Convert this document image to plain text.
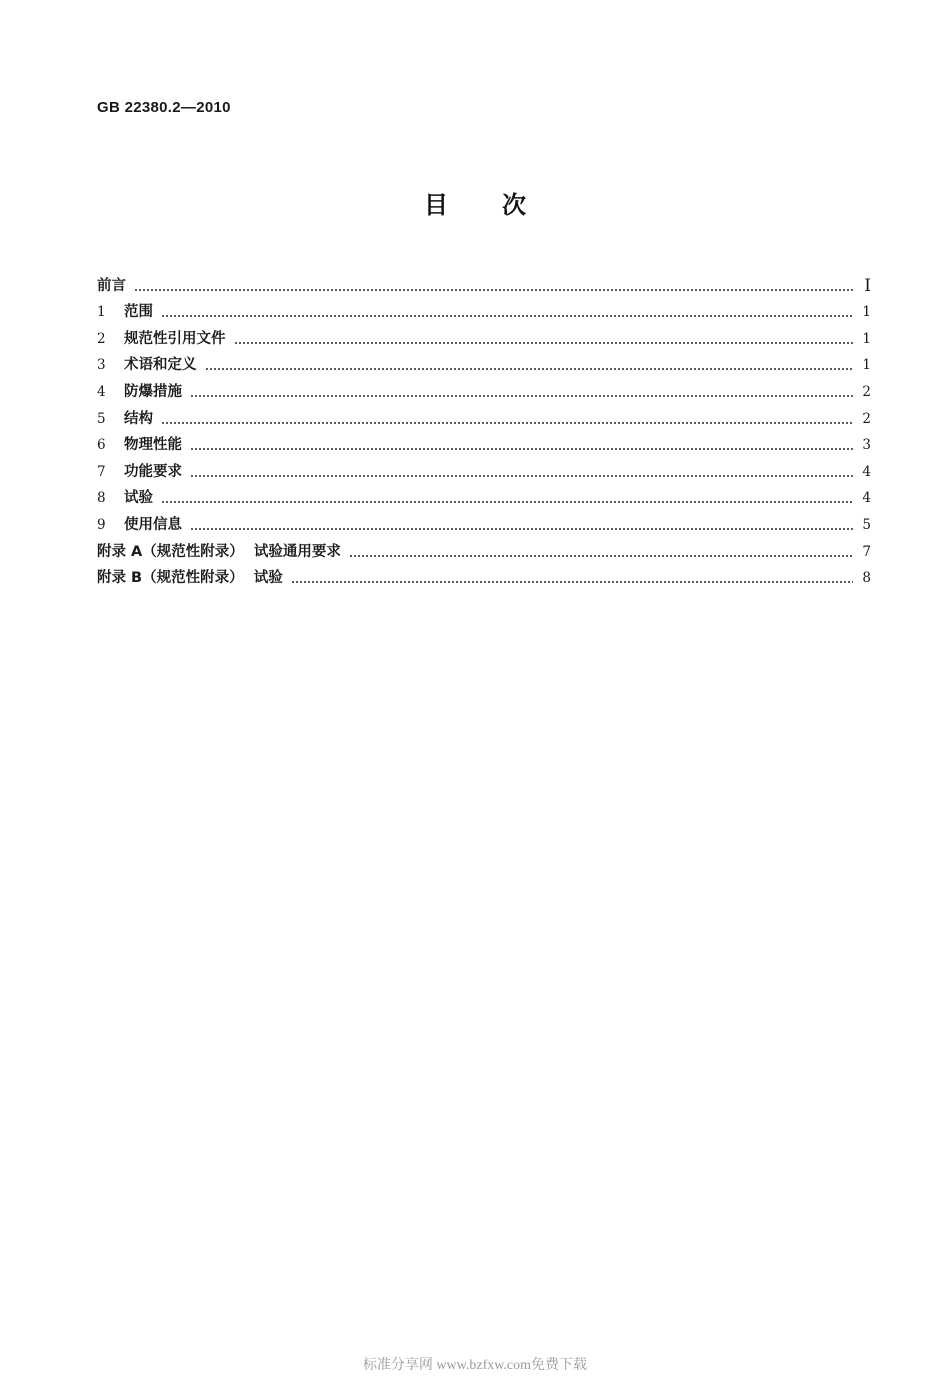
GB 22380.2—2010
目 次
前言	Ⅰ
1	范围	1
2	规范性引用文件	1
3	术语和定义	1
4	防爆措施	2
5	结构	2
6	物理性能	3
7	功能要求	4
8	试验	4
9	使用信息	5
附录 A（规范性附录）  试验通用要求	7
附录 B（规范性附录）  试验	8
标准分享网 www.bzfxw.com免费下载
